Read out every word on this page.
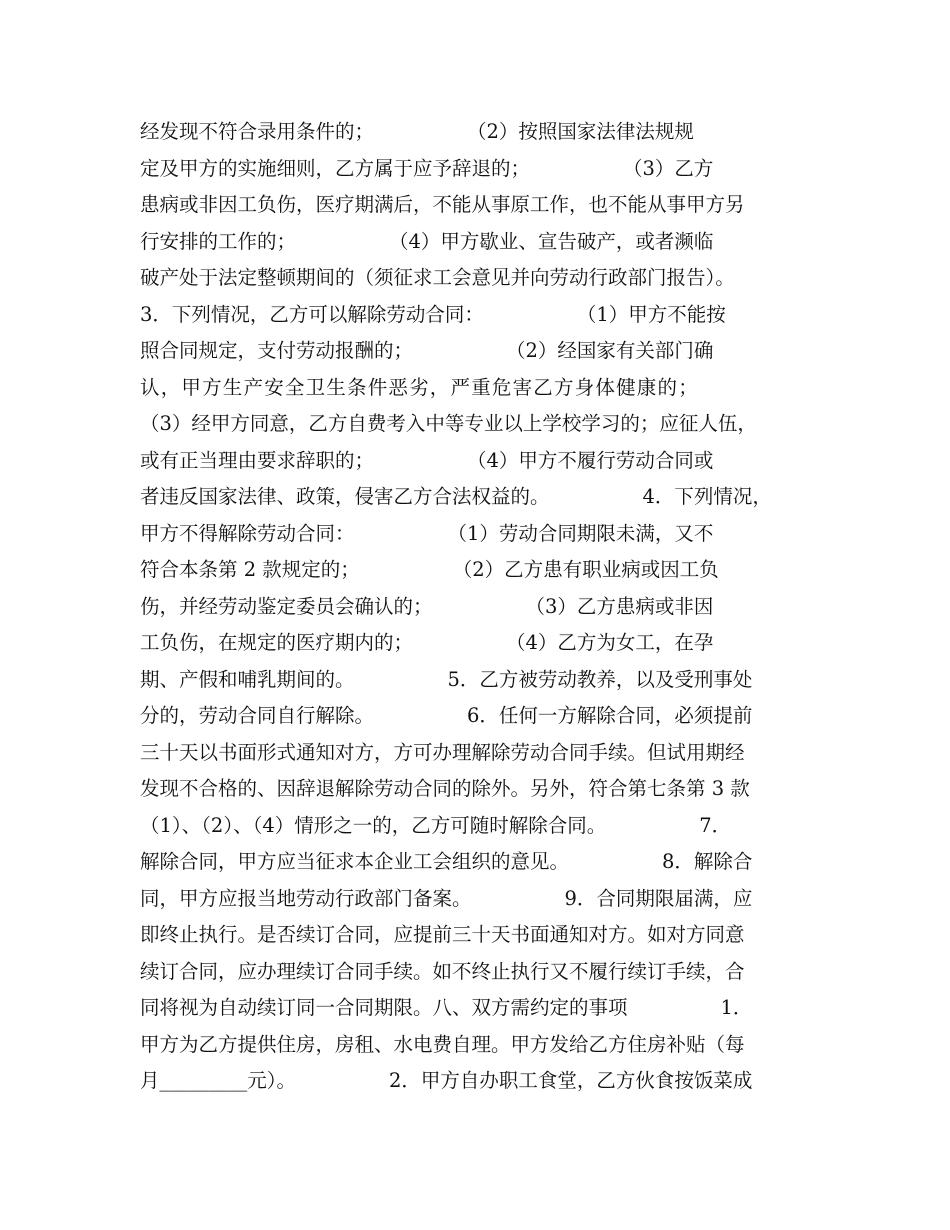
经发现不符合录用条件的；               （2）按照国家法律法规规
定及甲方的实施细则，乙方属于应予辞退的；               （3）乙方
患病或非因工负伤，医疗期满后，不能从事原工作，也不能从事甲方另
行安排的工作的；               （4）甲方歇业、宣告破产，或者濒临
破产处于法定整顿期间的（须征求工会意见并向劳动行政部门报告）。
3．下列情况，乙方可以解除劳动合同：               （1）甲方不能按
照合同规定，支付劳动报酬的；               （2）经国家有关部门确
认，甲方生产安全卫生条件恶劣，严重危害乙方身体健康的；
（3）经甲方同意，乙方自费考入中等专业以上学校学习的；应征人伍，
或有正当理由要求辞职的；               （4）甲方不履行劳动合同或
者违反国家法律、政策，侵害乙方合法权益的。               4．下列情况，
甲方不得解除劳动合同：               （1）劳动合同期限未满，又不
符合本条第 2 款规定的；               （2）乙方患有职业病或因工负
伤，并经劳动鉴定委员会确认的；               （3）乙方患病或非因
工负伤，在规定的医疗期内的；               （4）乙方为女工，在孕
期、产假和哺乳期间的。               5．乙方被劳动教养，以及受刑事处
分的，劳动合同自行解除。               6．任何一方解除合同，必须提前
三十天以书面形式通知对方，方可办理解除劳动合同手续。但试用期经
发现不合格的、因辞退解除劳动合同的除外。另外，符合第七条第 3 款
（1）、（2）、（4）情形之一的，乙方可随时解除合同。               7．
解除合同，甲方应当征求本企业工会组织的意见。               8．解除合
同，甲方应报当地劳动行政部门备案。               9．合同期限届满，应
即终止执行。是否续订合同，应提前三十天书面通知对方。如对方同意
续订合同，应办理续订合同手续。如不终止执行又不履行续订手续，合
同将视为自动续订同一合同期限。八、双方需约定的事项               1．
甲方为乙方提供住房，房租、水电费自理。甲方发给乙方住房补贴（每
月_________元）。               2．甲方自办职工食堂，乙方伙食按饭菜成
